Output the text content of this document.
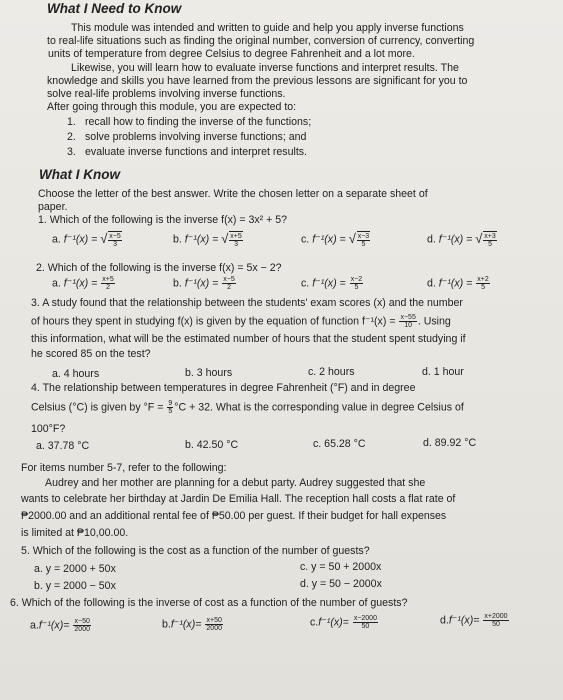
What I Need to Know
This module was intended and written to guide and help you apply inverse functions
to real-life situations such as finding the original number, conversion of currency, converting
units of temperature from degree Celsius to degree Fahrenheit and a lot more.
Likewise, you will learn how to evaluate inverse functions and interpret results. The
knowledge and skills you have learned from the previous lessons are significant for you to
solve real-life problems involving inverse functions.
After going through this module, you are expected to:
1. recall how to finding the inverse of the functions;
2. solve problems involving inverse functions; and
3. evaluate inverse functions and interpret results.
What I Know
Choose the letter of the best answer. Write the chosen letter on a separate sheet of
paper.
1. Which of the following is the inverse f(x) = 3x² + 5?
a. f⁻¹(x) = √ $\frac{x-5}{3}$	b. f⁻¹(x) = √ $\frac{x+5}{3}$	c. f⁻¹(x) = √ $\frac{x-3}{5}$	d. f⁻¹(x) = √ $\frac{x+3}{5}$
2. Which of the following is the inverse f(x) = 5x − 2?
a. $f^{-1}(x) = \frac{x+5}{2}$	b. $f^{-1}(x) = \frac{x-5}{2}$	c. $f^{-1}(x) = \frac{x-2}{5}$	d. $f^{-1}(x) = \frac{x+2}{5}$
3. A study found that the relationship between the students' exam scores (x) and the number
of hours they spent in studying f(x) is given by the equation of function $f^{-1}(x) = \frac{x-55}{10}$ . Using
this information, what will be the estimated number of hours that the student spent studying if
he scored 85 on the test?
a. 4 hours	b. 3 hours	c. 2 hours	d. 1 hour
4. The relationship between temperatures in degree Fahrenheit (°F) and in degree
Celsius (°C) is given by $^\circ F = \frac{9}{5} ^\circ C + 32$. What is the corresponding value in degree Celsius of
100°F?
a. 37.78 °C	b. 42.50 °C	c. 65.28 °C	d. 89.92 °C
For items number 5-7, refer to the following:
Audrey and her mother are planning for a debut party. Audrey suggested that she
wants to celebrate her birthday at Jardin De Emilia Hall. The reception hall costs a flat rate of
₱2000.00 and an additional rental fee of ₱50.00 per guest. If their budget for hall expenses
is limited at ₱10,00.00.
5. Which of the following is the cost as a function of the number of guests?
a. y = 2000 + 50x
b. y = 2000 − 50x
c. y = 50 + 2000x
d. y = 50 − 2000x
6. Which of the following is the inverse of cost as a function of the number of guests?
$a.f^{-1}(x)= \frac{x-50}{2000}$	$b.f^{-1}(x)= \frac{x+50}{2000}$	$c.f^{-1}(x)= \frac{x-2000}{50}$	$d.f^{-1}(x)= \frac{x+2000}{50}$
